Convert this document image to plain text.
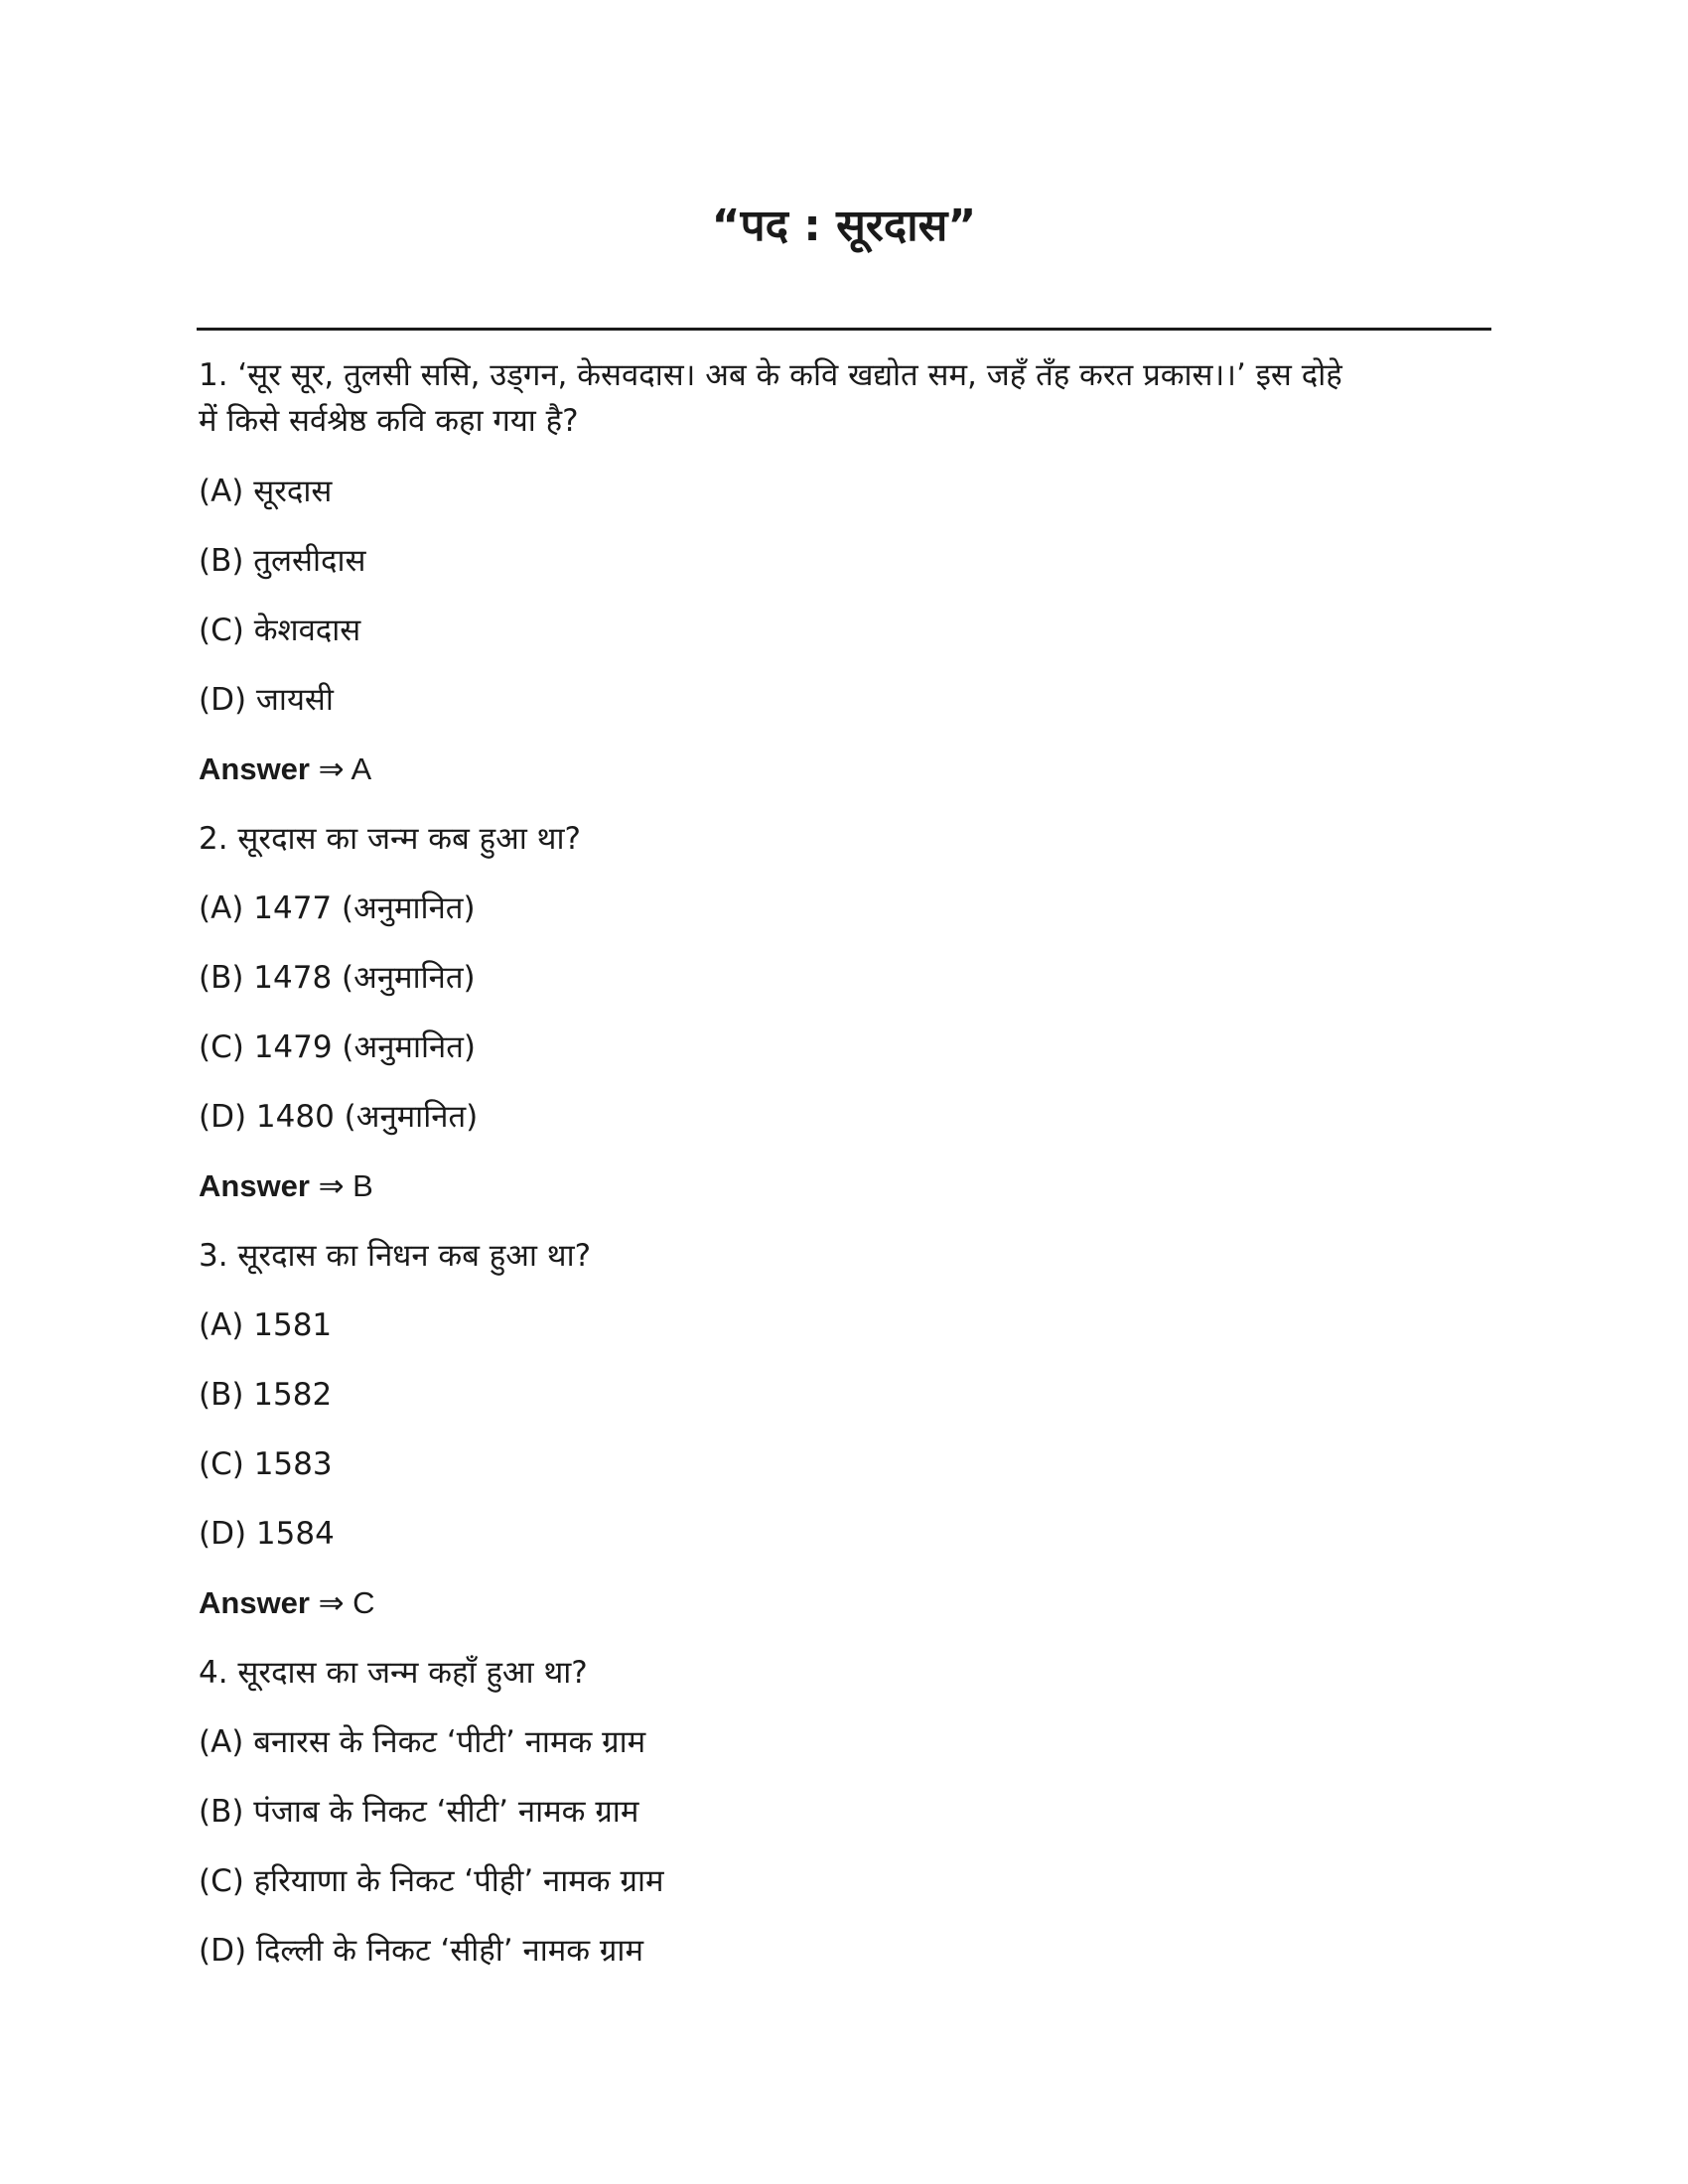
“पद : सूरदास”
1. ‘सूर सूर, तुलसी ससि, उड्गन, केसवदास। अब के कवि खद्योत सम, जहँ तँह करत प्रकास।।’ इस दोहे
में किसे सर्वश्रेष्ठ कवि कहा गया है?
(A) सूरदास
(B) तुलसीदास
(C) केशवदास
(D) जायसी
Answer ⇒ A
2. सूरदास का जन्म कब हुआ था?
(A) 1477 (अनुमानित)
(B) 1478 (अनुमानित)
(C) 1479 (अनुमानित)
(D) 1480 (अनुमानित)
Answer ⇒ B
3. सूरदास का निधन कब हुआ था?
(A) 1581
(B) 1582
(C) 1583
(D) 1584
Answer ⇒ C
4. सूरदास का जन्म कहाँ हुआ था?
(A) बनारस के निकट ‘पीटी’ नामक ग्राम
(B) पंजाब के निकट ‘सीटी’ नामक ग्राम
(C) हरियाणा के निकट ‘पीही’ नामक ग्राम
(D) दिल्ली के निकट ‘सीही’ नामक ग्राम
